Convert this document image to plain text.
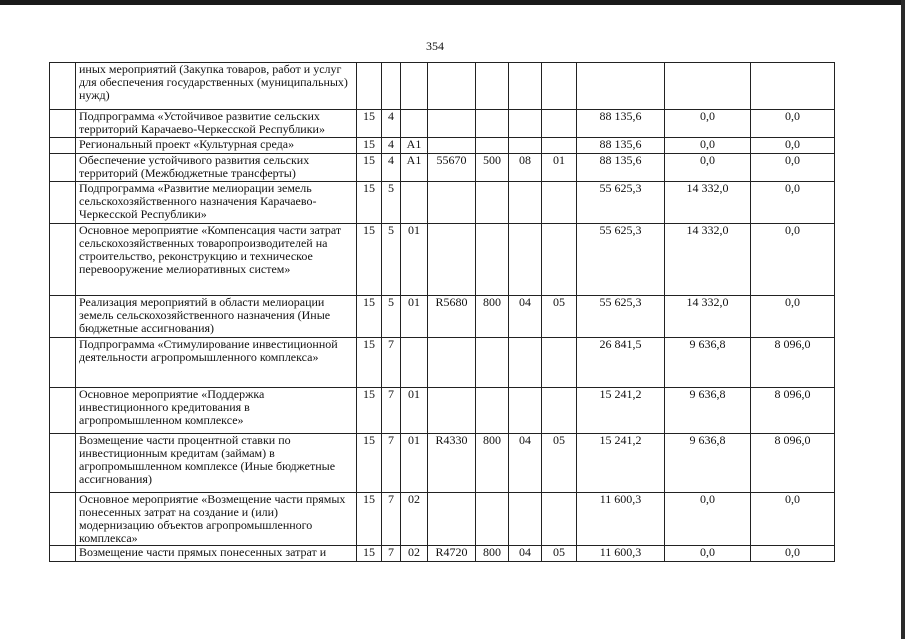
354
	иных мероприятий (Закупка товаров, работ и услуг для обеспечения государственных (муниципальных) нужд)										
	Подпрограмма «Устойчивое развитие сельских территорий Карачаево-Черкесской Республики»	15	4						88 135,6	0,0	0,0
	Региональный проект «Культурная среда»	15	4	А1					88 135,6	0,0	0,0
	Обеспечение устойчивого развития сельских территорий (Межбюджетные трансферты)	15	4	А1	55670	500	08	01	88 135,6	0,0	0,0
	Подпрограмма «Развитие мелиорации земель сельскохозяйственного назначения Карачаево-Черкесской Республики»	15	5						55 625,3	14 332,0	0,0
	Основное мероприятие «Компенсация части затрат сельскохозяйственных товаропроизводителей на строительство, реконструкцию и техническое перевооружение мелиоративных систем»	15	5	01					55 625,3	14 332,0	0,0
	Реализация мероприятий в области мелиорации земель сельскохозяйственного назначения (Иные бюджетные ассигнования)	15	5	01	R5680	800	04	05	55 625,3	14 332,0	0,0
	Подпрограмма «Стимулирование инвестиционной деятельности агропромышленного комплекса»	15	7						26 841,5	9 636,8	8 096,0
	Основное мероприятие «Поддержка инвестиционного кредитования в агропромышленном комплексе»	15	7	01					15 241,2	9 636,8	8 096,0
	Возмещение части процентной ставки по инвестиционным кредитам (займам) в агропромышленном комплексе (Иные бюджетные ассигнования)	15	7	01	R4330	800	04	05	15 241,2	9 636,8	8 096,0
	Основное мероприятие «Возмещение части прямых понесенных затрат на создание и (или) модернизацию объектов агропромышленного комплекса»	15	7	02					11 600,3	0,0	0,0
	Возмещение части прямых понесенных затрат и	15	7	02	R4720	800	04	05	11 600,3	0,0	0,0
